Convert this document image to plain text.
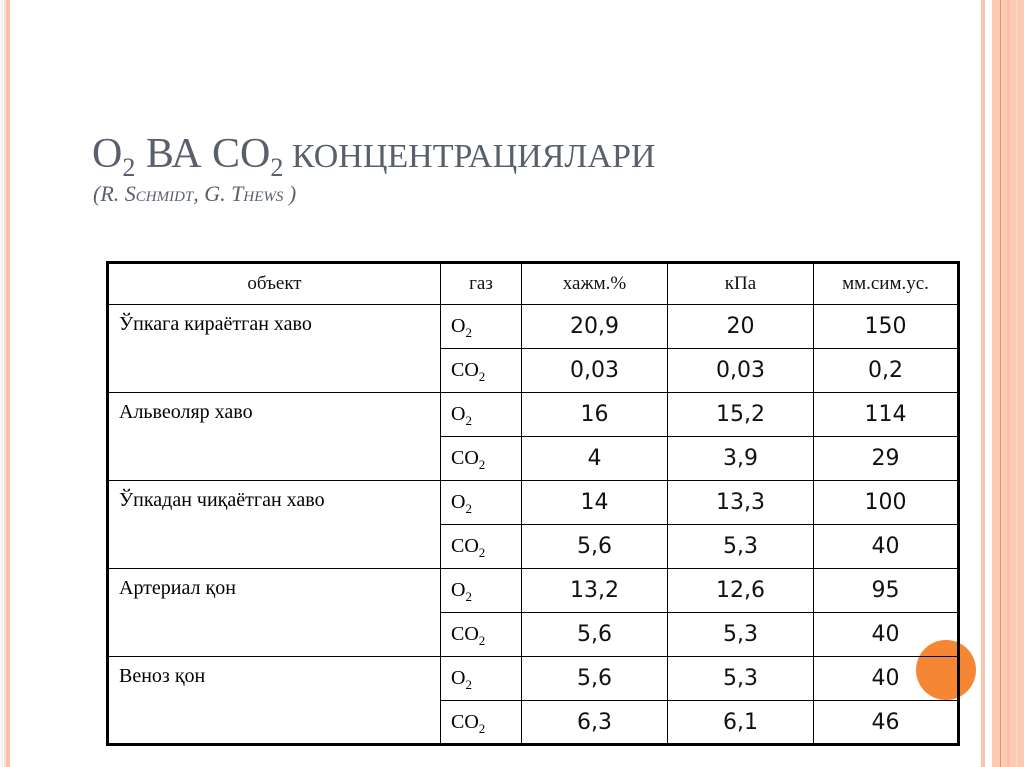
$O_2$ ВА $CO_2$ КОНЦЕНТРАЦИЯЛАРИ
(R. Schmidt, G. Thews )
объект	газ	хажм.%	кПа	мм.сим.ус.
Ўпкага кираётган хаво	$O_2$	20,9	20	150
	$CO_2$	0,03	0,03	0,2
Альвеоляр хаво	$O_2$	16	15,2	114
	$CO_2$	4	3,9	29
Ўпкадан чиқаётган хаво	$O_2$	14	13,3	100
	$CO_2$	5,6	5,3	40
Артериал қон	$O_2$	13,2	12,6	95
	$CO_2$	5,6	5,3	40
Веноз қон	$O_2$	5,6	5,3	40
	$CO_2$	6,3	6,1	46
